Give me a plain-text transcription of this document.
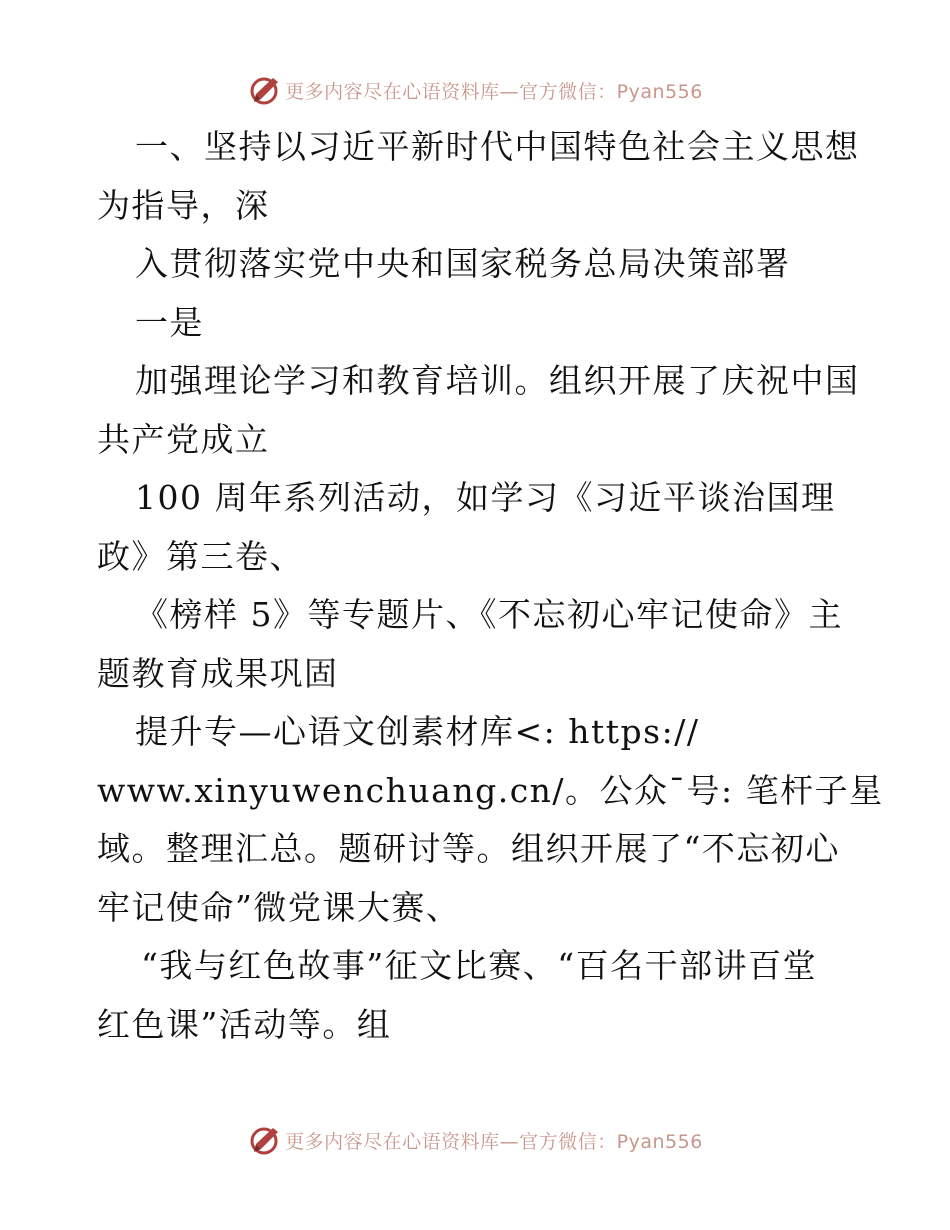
更多内容尽在心语资料库—官方微信：Pyan556
一、坚持以习近平新时代中国特色社会主义思想
为指导，深
入贯彻落实党中央和国家税务总局决策部署
一是
加强理论学习和教育培训。组织开展了庆祝中国
共产党成立
100 周年系列活动，如学习《习近平谈治国理
政》第三卷、
《榜样 5》等专题片、《不忘初心牢记使命》主
题教育成果巩固
提升专—心语文创素材库<: https://
www.xinyuwenchuang.cn/。公众¯号: 笔杆子星
域。整理汇总。题研讨等。组织开展了“不忘初心
牢记使命”微党课大赛、
“我与红色故事”征文比赛、“百名干部讲百堂
红色课”活动等。组
更多内容尽在心语资料库—官方微信：Pyan556
